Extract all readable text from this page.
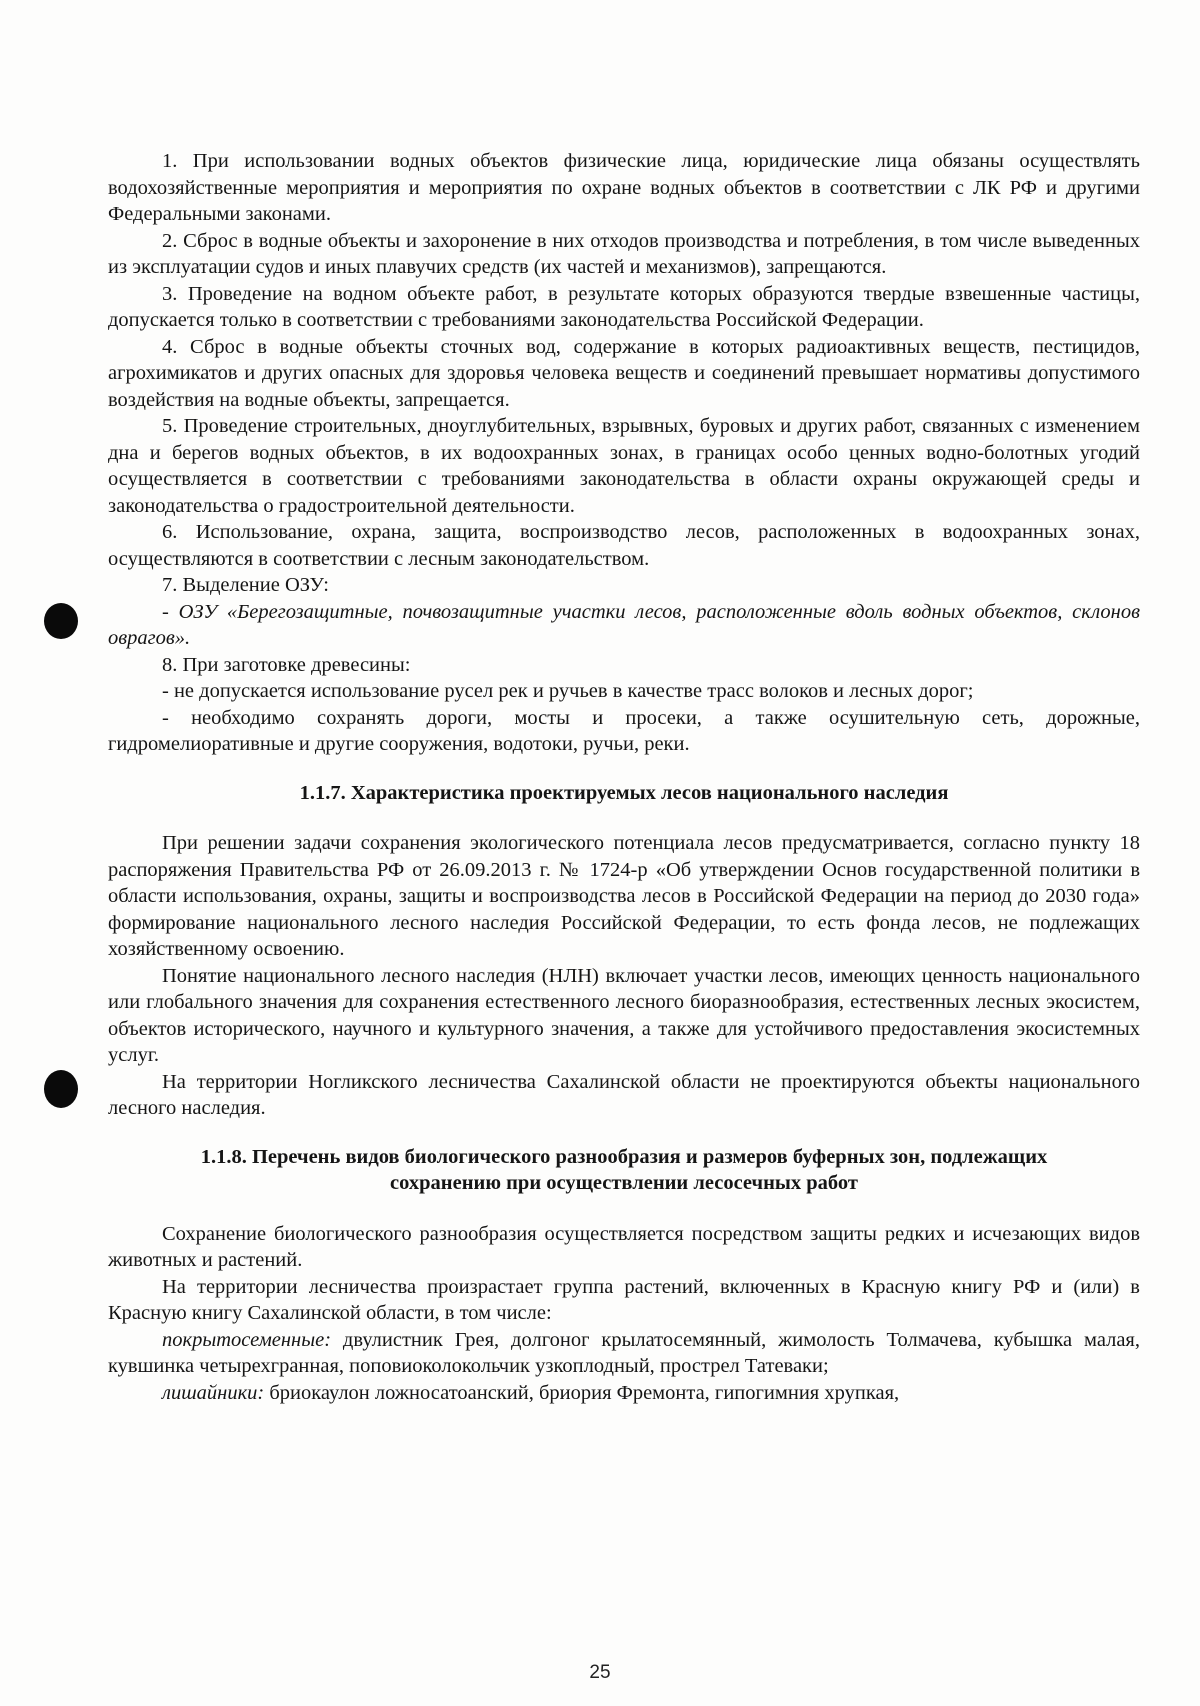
1. При использовании водных объектов физические лица, юридические лица обязаны осуществлять водохозяйственные мероприятия и мероприятия по охране водных объектов в соответствии с ЛК РФ и другими Федеральными законами.

2. Сброс в водные объекты и захоронение в них отходов производства и потребления, в том числе выведенных из эксплуатации судов и иных плавучих средств (их частей и механизмов), запрещаются.

3. Проведение на водном объекте работ, в результате которых образуются твердые взвешенные частицы, допускается только в соответствии с требованиями законодательства Российской Федерации.

4. Сброс в водные объекты сточных вод, содержание в которых радиоактивных веществ, пестицидов, агрохимикатов и других опасных для здоровья человека веществ и соединений превышает нормативы допустимого воздействия на водные объекты, запрещается.

5. Проведение строительных, дноуглубительных, взрывных, буровых и других работ, связанных с изменением дна и берегов водных объектов, в их водоохранных зонах, в границах особо ценных водно-болотных угодий осуществляется в соответствии с требованиями законодательства в области охраны окружающей среды и законодательства о градостроительной деятельности.

6. Использование, охрана, защита, воспроизводство лесов, расположенных в водоохранных зонах, осуществляются в соответствии с лесным законодательством.

7. Выделение ОЗУ:

- ОЗУ «Берегозащитные, почвозащитные участки лесов, расположенные вдоль водных объектов, склонов оврагов».

8. При заготовке древесины:

- не допускается использование русел рек и ручьев в качестве трасс волоков и лесных дорог;

- необходимо сохранять дороги, мосты и просеки, а также осушительную сеть, дорожные, гидромелиоративные и другие сооружения, водотоки, ручьи, реки.

1.1.7. Характеристика проектируемых лесов национального наследия

При решении задачи сохранения экологического потенциала лесов предусматривается, согласно пункту 18 распоряжения Правительства РФ от 26.09.2013 г. № 1724-р «Об утверждении Основ государственной политики в области использования, охраны, защиты и воспроизводства лесов в Российской Федерации на период до 2030 года» формирование национального лесного наследия Российской Федерации, то есть фонда лесов, не подлежащих хозяйственному освоению.

Понятие национального лесного наследия (НЛН) включает участки лесов, имеющих ценность национального или глобального значения для сохранения естественного лесного биоразнообразия, естественных лесных экосистем, объектов исторического, научного и культурного значения, а также для устойчивого предоставления экосистемных услуг.

На территории Ногликского лесничества Сахалинской области не проектируются объекты национального лесного наследия.

1.1.8. Перечень видов биологического разнообразия и размеров буферных зон, подлежащих
сохранению при осуществлении лесосечных работ

Сохранение биологического разнообразия осуществляется посредством защиты редких и исчезающих видов животных и растений.

На территории лесничества произрастает группа растений, включенных в Красную книгу РФ и (или) в Красную книгу Сахалинской области, в том числе:

покрытосеменные: двулистник Грея, долгоног крылатосемянный, жимолость Толмачева, кубышка малая, кувшинка четырехгранная, поповиоколокольчик узкоплодный, прострел Татеваки;

лишайники: бриокаулон ложносатоанский, бриория Фремонта, гипогимния хрупкая,

25
